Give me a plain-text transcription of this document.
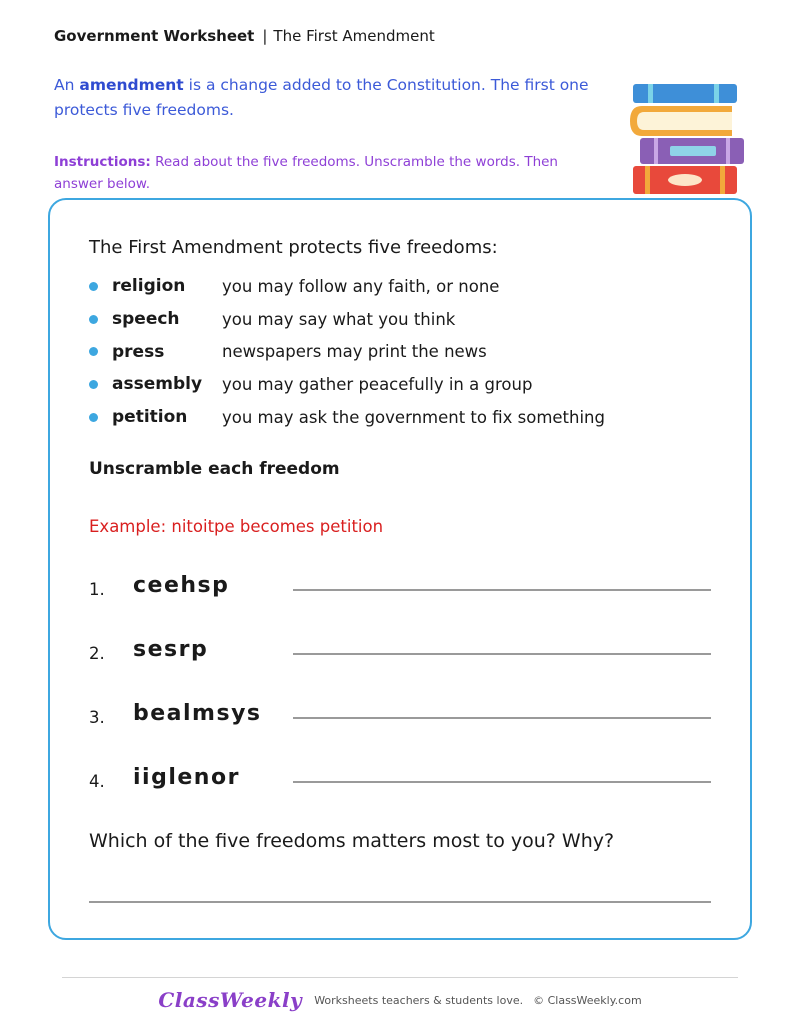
Government Worksheet | The First Amendment
An amendment is a change added to the Constitution. The first one protects five freedoms.
Instructions: Read about the five freedoms. Unscramble the words. Then answer below.
The First Amendment protects five freedoms:
religion	you may follow any faith, or none
speech	you may say what you think
press	newspapers may print the news
assembly	you may gather peacefully in a group
petition	you may ask the government to fix something
Unscramble each freedom
Example: nitoitpe becomes petition
1. ceehsp
2. sesrp
3. bealmsys
4. iiglenor
Which of the five freedoms matters most to you? Why?
ClassWeekly Worksheets teachers & students love. © ClassWeekly.com
